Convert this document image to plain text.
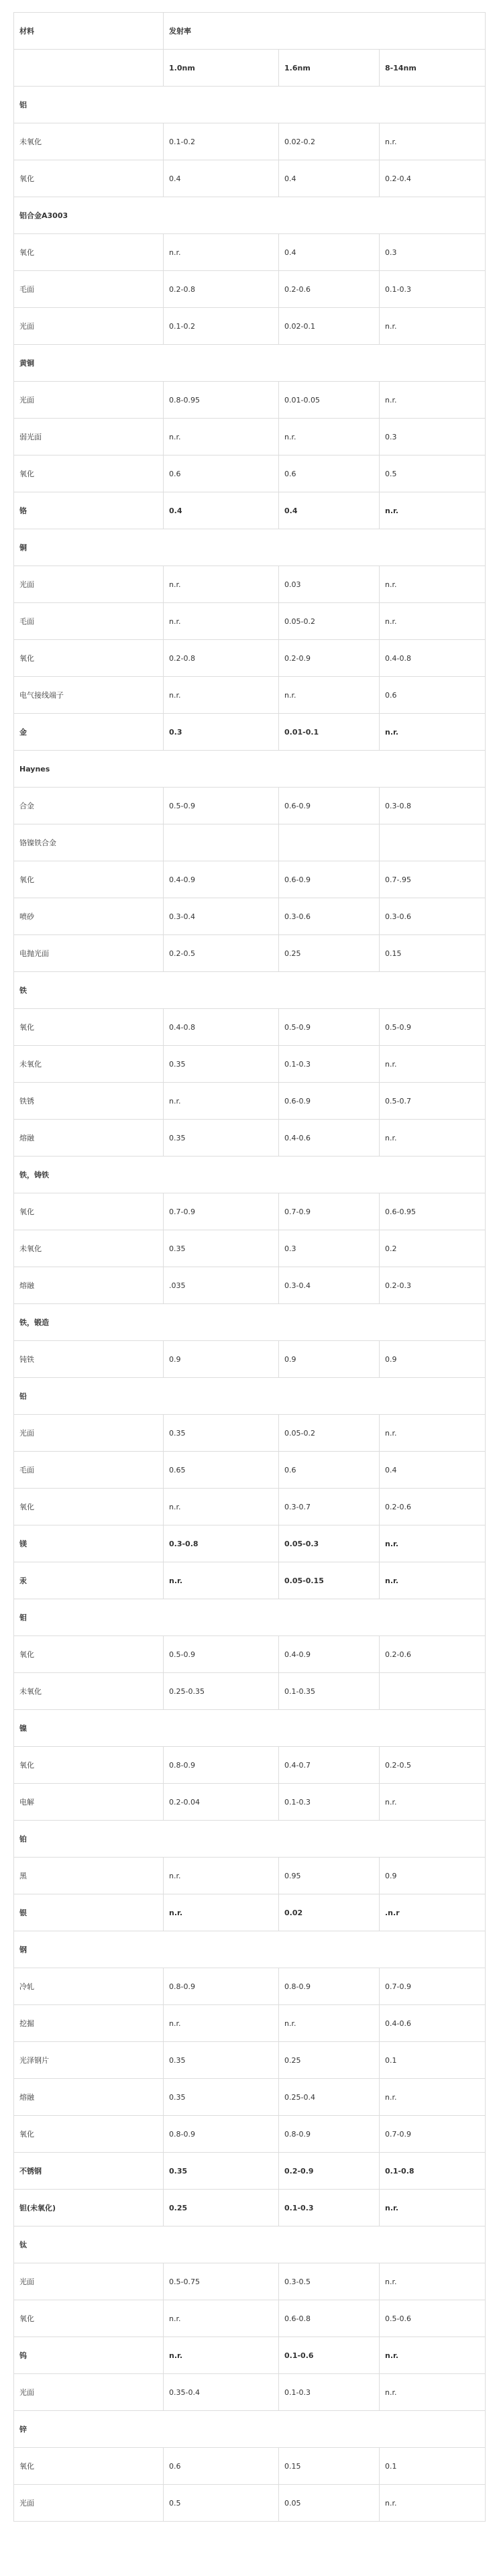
材料	发射率		
	1.0nm	1.6nm	8-14nm
铝			
未氧化	0.1-0.2	0.02-0.2	n.r.
氧化	0.4	0.4	0.2-0.4
铝合金A3003			
氧化	n.r.	0.4	0.3
毛面	0.2-0.8	0.2-0.6	0.1-0.3
光面	0.1-0.2	0.02-0.1	n.r.
黄铜			
光面	0.8-0.95	0.01-0.05	n.r.
弱光面	n.r.	n.r.	0.3
氧化	0.6	0.6	0.5
铬	0.4	0.4	n.r.
铜			
光面	n.r.	0.03	n.r.
毛面	n.r.	0.05-0.2	n.r.
氧化	0.2-0.8	0.2-0.9	0.4-0.8
电气接线端子	n.r.	n.r.	0.6
金	0.3	0.01-0.1	n.r.
Haynes			
合金	0.5-0.9	0.6-0.9	0.3-0.8
铬镍铁合金			
氧化	0.4-0.9	0.6-0.9	0.7-.95
喷砂	0.3-0.4	0.3-0.6	0.3-0.6
电抛光面	0.2-0.5	0.25	0.15
铁			
氧化	0.4-0.8	0.5-0.9	0.5-0.9
未氧化	0.35	0.1-0.3	n.r.
铁锈	n.r.	0.6-0.9	0.5-0.7
熔融	0.35	0.4-0.6	n.r.
铁，铸铁			
氧化	0.7-0.9	0.7-0.9	0.6-0.95
未氧化	0.35	0.3	0.2
熔融	.035	0.3-0.4	0.2-0.3
铁，锻造			
钝铁	0.9	0.9	0.9
铅			
光面	0.35	0.05-0.2	n.r.
毛面	0.65	0.6	0.4
氧化	n.r.	0.3-0.7	0.2-0.6
镁	0.3-0.8	0.05-0.3	n.r.
汞	n.r.	0.05-0.15	n.r.
钼			
氧化	0.5-0.9	0.4-0.9	0.2-0.6
未氧化	0.25-0.35	0.1-0.35	
镍			
氧化	0.8-0.9	0.4-0.7	0.2-0.5
电解	0.2-0.04	0.1-0.3	n.r.
铂			
黑	n.r.	0.95	0.9
银	n.r.	0.02	.n.r
钢			
冷轧	0.8-0.9	0.8-0.9	0.7-0.9
挖掘	n.r.	n.r.	0.4-0.6
光泽钢片	0.35	0.25	0.1
熔融	0.35	0.25-0.4	n.r.
氧化	0.8-0.9	0.8-0.9	0.7-0.9
不锈钢	0.35	0.2-0.9	0.1-0.8
钽(未氧化)	0.25	0.1-0.3	n.r.
钛			
光面	0.5-0.75	0.3-0.5	n.r.
氧化	n.r.	0.6-0.8	0.5-0.6
钨	n.r.	0.1-0.6	n.r.
光面	0.35-0.4	0.1-0.3	n.r.
锌			
氧化	0.6	0.15	0.1
光面	0.5	0.05	n.r.
